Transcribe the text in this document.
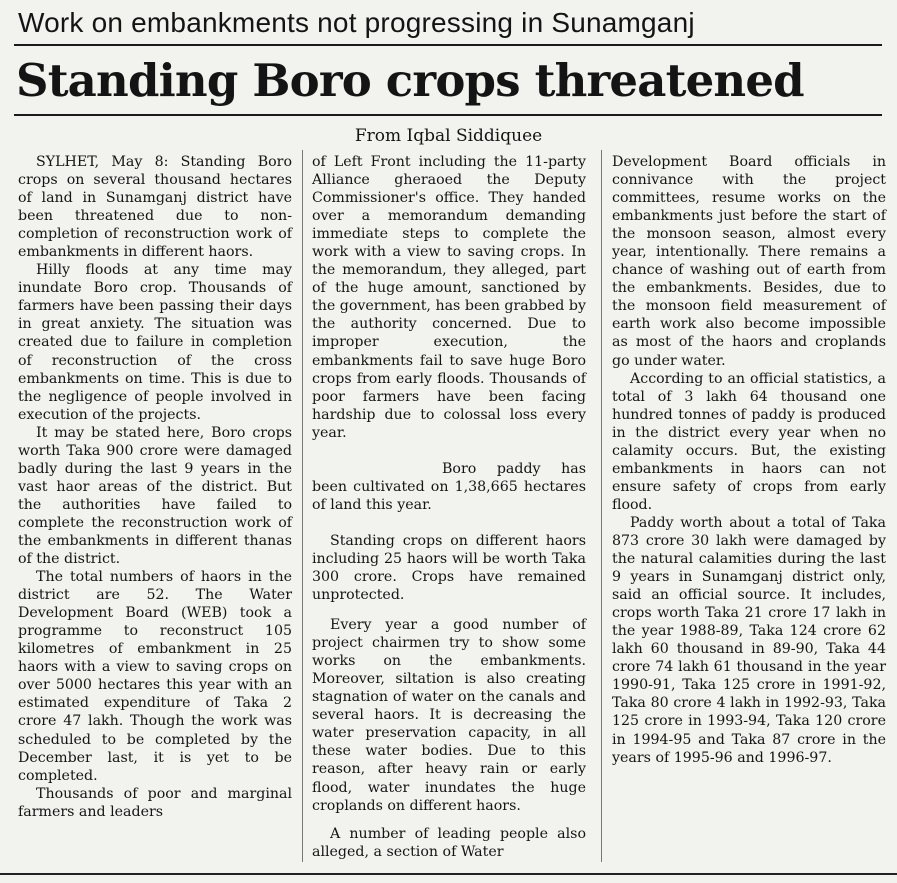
Work on embankments not progressing in Sunamganj
Standing Boro crops threatened
From Iqbal Siddiquee

SYLHET, May 8: Standing Boro crops on several thousand hectares of land in Sunamganj district have been threatened due to non-completion of reconstruction work of embankments in different haors.

Hilly floods at any time may inundate Boro crop. Thousands of farmers have been passing their days in great anxiety. The situation was created due to failure in completion of reconstruction of the cross embankments on time. This is due to the negligence of people involved in execution of the projects.

It may be stated here, Boro crops worth Taka 900 crore were damaged badly during the last 9 years in the vast haor areas of the district. But the authorities have failed to complete the reconstruction work of the embankments in different thanas of the district.

The total numbers of haors in the district are 52. The Water Development Board (WEB) took a programme to reconstruct 105 kilometres of embankment in 25 haors with a view to saving crops on over 5000 hectares this year with an estimated expenditure of Taka 2 crore 47 lakh. Though the work was scheduled to be completed by the December last, it is yet to be completed.

Thousands of poor and marginal farmers and leaders

of Left Front including the 11-party Alliance gheraoed the Deputy Commissioner's office. They handed over a memorandum demanding immediate steps to complete the work with a view to saving crops. In the memorandum, they alleged, part of the huge amount, sanctioned by the government, has been grabbed by the authority concerned. Due to improper execution, the embankments fail to save huge Boro crops from early floods. Thousands of poor farmers have been facing hardship due to colossal loss every year.

Boro paddy has been cultivated on 1,38,665 hectares of land this year.

Standing crops on different haors including 25 haors will be worth Taka 300 crore. Crops have remained unprotected.

Every year a good number of project chairmen try to show some works on the embankments. Moreover, siltation is also creating stagnation of water on the canals and several haors. It is decreasing the water preservation capacity, in all these water bodies. Due to this reason, after heavy rain or early flood, water inundates the huge croplands on different haors.

A number of leading people also alleged, a section of Water

Development Board officials in connivance with the project committees, resume works on the embankments just before the start of the monsoon season, almost every year, intentionally. There remains a chance of washing out of earth from the embankments. Besides, due to the monsoon field measurement of earth work also become impossible as most of the haors and croplands go under water.

According to an official statistics, a total of 3 lakh 64 thousand one hundred tonnes of paddy is produced in the district every year when no calamity occurs. But, the existing embankments in haors can not ensure safety of crops from early flood.

Paddy worth about a total of Taka 873 crore 30 lakh were damaged by the natural calamities during the last 9 years in Sunamganj district only, said an official source. It includes, crops worth Taka 21 crore 17 lakh in the year 1988-89, Taka 124 crore 62 lakh 60 thousand in 89-90, Taka 44 crore 74 lakh 61 thousand in the year 1990-91, Taka 125 crore in 1991-92, Taka 80 crore 4 lakh in 1992-93, Taka 125 crore in 1993-94, Taka 120 crore in 1994-95 and Taka 87 crore in the years of 1995-96 and 1996-97.
